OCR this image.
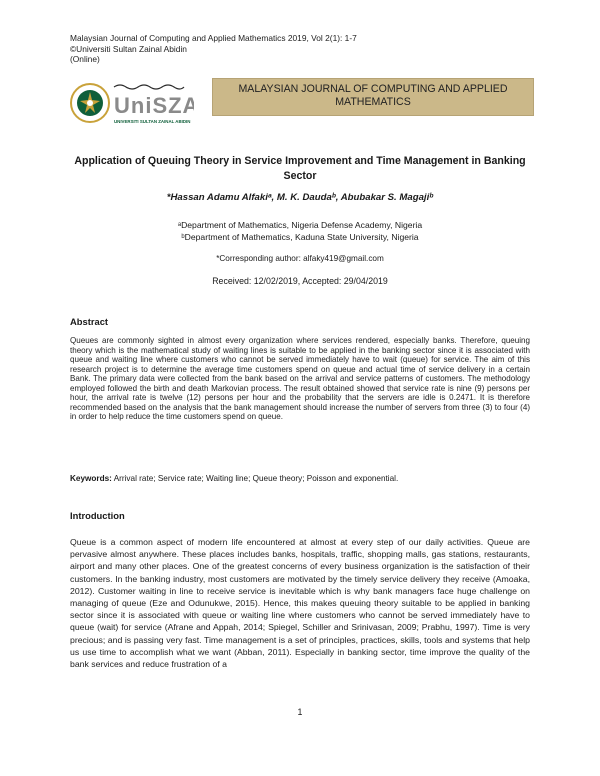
Malaysian Journal of Computing and Applied Mathematics 2019, Vol 2(1): 1-7
©Universiti Sultan Zainal Abidin
(Online)
UniSZA
UNIVERSITI SULTAN ZAINAL ABIDIN
MALAYSIAN JOURNAL OF COMPUTING AND APPLIED MATHEMATICS
Application of Queuing Theory in Service Improvement and Time Management in Banking Sector
*Hassan Adamu Alfakiᵃ, M. K. Daudaᵇ, Abubakar S. Magajiᵇ
ᵃDepartment of Mathematics, Nigeria Defense Academy, Nigeria
ᵇDepartment of Mathematics, Kaduna State University, Nigeria
*Corresponding author: alfaky419@gmail.com
Received: 12/02/2019, Accepted: 29/04/2019
Abstract
Queues are commonly sighted in almost every organization where services rendered, especially banks. Therefore, queuing theory which is the mathematical study of waiting lines is suitable to be applied in the banking sector since it is associated with queue and waiting line where customers who cannot be served immediately have to wait (queue) for service. The aim of this research project is to determine the average time customers spend on queue and actual time of service delivery in a certain Bank. The primary data were collected from the bank based on the arrival and service patterns of customers. The methodology employed followed the birth and death Markovian process. The result obtained showed that service rate is nine (9) persons per hour, the arrival rate is twelve (12) persons per hour and the probability that the servers are idle is 0.2471. It is therefore recommended based on the analysis that the bank management should increase the number of servers from three (3) to four (4) in order to help reduce the time customers spend on queue.
Keywords: Arrival rate; Service rate; Waiting line; Queue theory; Poisson and exponential.
Introduction
Queue is a common aspect of modern life encountered at almost at every step of our daily activities. Queue are pervasive almost anywhere. These places includes banks, hospitals, traffic, shopping malls, gas stations, restaurants, airport and many other places. One of the greatest concerns of every business organization is the satisfaction of their customers. In the banking industry, most customers are motivated by the timely service delivery they receive (Amoaka, 2012). Customer waiting in line to receive service is inevitable which is why bank managers face huge challenge on managing of queue (Eze and Odunukwe, 2015). Hence, this makes queuing theory suitable to be applied in banking sector since it is associated with queue or waiting line where customers who cannot be served immediately have to queue (wait) for service (Afrane and Appah, 2014; Spiegel, Schiller and Srinivasan, 2009; Prabhu, 1997). Time is very precious; and is passing very fast. Time management is a set of principles, practices, skills, tools and systems that help us use time to accomplish what we want (Abban, 2011). Especially in banking sector, time improve the quality of the bank services and reduce frustration of a
1
